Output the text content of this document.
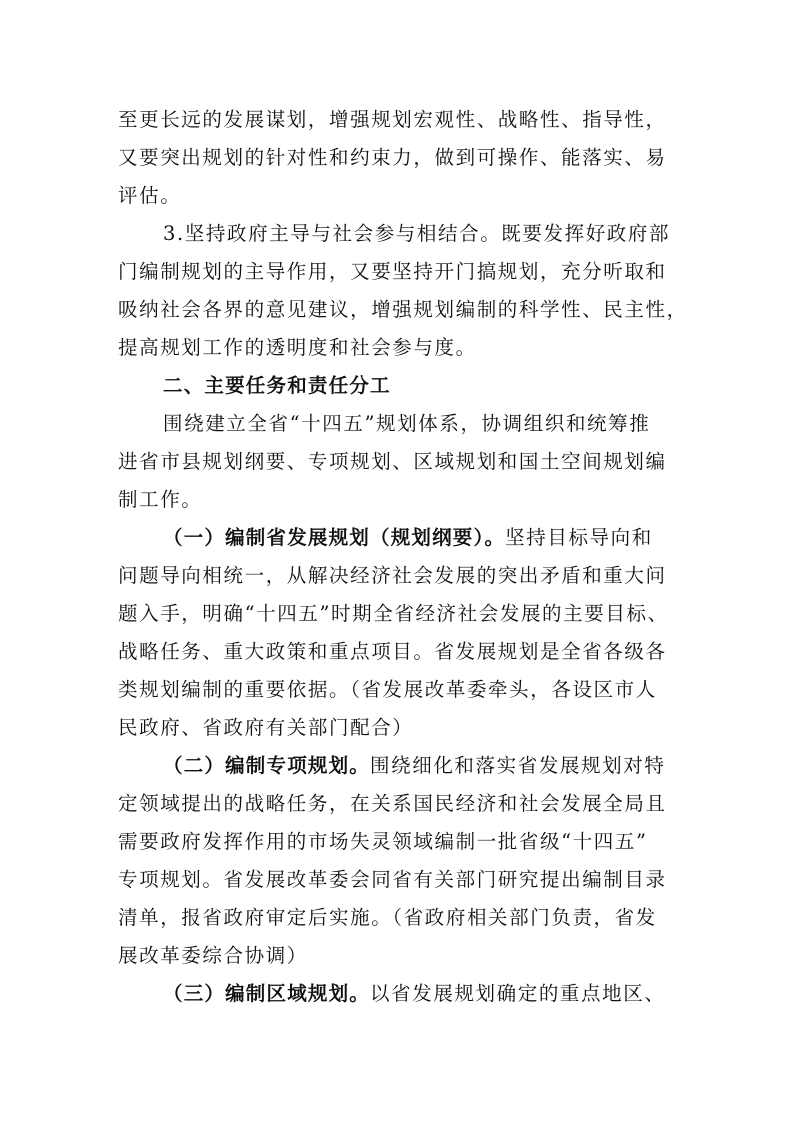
至更长远的发展谋划，增强规划宏观性、战略性、指导性，
又要突出规划的针对性和约束力，做到可操作、能落实、易
评估。
3.坚持政府主导与社会参与相结合。既要发挥好政府部
门编制规划的主导作用，又要坚持开门搞规划，充分听取和
吸纳社会各界的意见建议，增强规划编制的科学性、民主性，
提高规划工作的透明度和社会参与度。
二、主要任务和责任分工
围绕建立全省“十四五”规划体系，协调组织和统筹推
进省市县规划纲要、专项规划、区域规划和国土空间规划编
制工作。
（一）编制省发展规划（规划纲要）。坚持目标导向和
问题导向相统一，从解决经济社会发展的突出矛盾和重大问
题入手，明确“十四五”时期全省经济社会发展的主要目标、
战略任务、重大政策和重点项目。省发展规划是全省各级各
类规划编制的重要依据。（省发展改革委牵头，各设区市人
民政府、省政府有关部门配合）
（二）编制专项规划。围绕细化和落实省发展规划对特
定领域提出的战略任务，在关系国民经济和社会发展全局且
需要政府发挥作用的市场失灵领域编制一批省级“十四五”
专项规划。省发展改革委会同省有关部门研究提出编制目录
清单，报省政府审定后实施。（省政府相关部门负责，省发
展改革委综合协调）
（三）编制区域规划。以省发展规划确定的重点地区、
